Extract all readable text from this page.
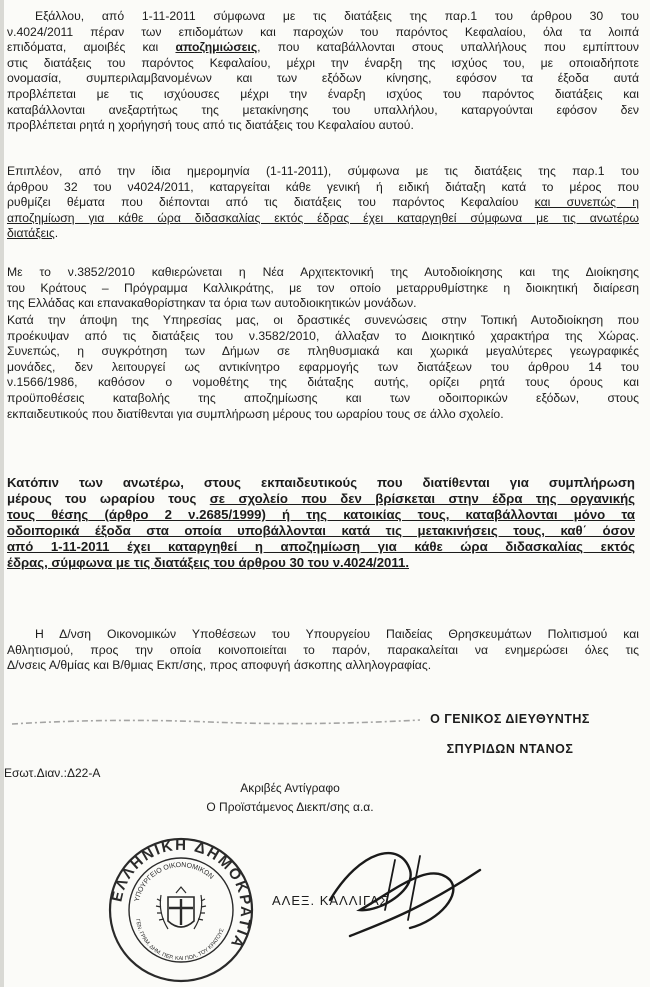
Εξάλλου, από 1-11-2011 σύμφωνα με τις διατάξεις της παρ.1 του άρθρου 30 του
ν.4024/2011 πέραν των επιδομάτων και παροχών του παρόντος Κεφαλαίου, όλα τα λοιπά
επιδόματα, αμοιβές και αποζημιώσεις, που καταβάλλονται στους υπαλλήλους που εμπίπτουν
στις διατάξεις του παρόντος Κεφαλαίου, μέχρι την έναρξη της ισχύος του, με οποιαδήποτε
ονομασία, συμπεριλαμβανομένων και των εξόδων κίνησης, εφόσον τα έξοδα αυτά
προβλέπεται με τις ισχύουσες μέχρι την έναρξη ισχύος του παρόντος διατάξεις και
καταβάλλονται ανεξαρτήτως της μετακίνησης του υπαλλήλου, καταργούνται εφόσον δεν
προβλέπεται ρητά η χορήγησή τους από τις διατάξεις του Κεφαλαίου αυτού.
Επιπλέον, από την ίδια ημερομηνία (1-11-2011), σύμφωνα με τις διατάξεις της παρ.1 του
άρθρου 32 του ν4024/2011, καταργείται κάθε γενική ή ειδική διάταξη κατά το μέρος που
ρυθμίζει θέματα που διέπονται από τις διατάξεις του παρόντος Κεφαλαίου και συνεπώς η
αποζημίωση για κάθε ώρα διδασκαλίας εκτός έδρας έχει καταργηθεί σύμφωνα με τις ανωτέρω
διατάξεις.
Με το ν.3852/2010 καθιερώνεται η Νέα Αρχιτεκτονική της Αυτοδιοίκησης και της Διοίκησης
του Κράτους – Πρόγραμμα Καλλικράτης, με τον οποίο μεταρρυθμίστηκε η διοικητική διαίρεση
της Ελλάδας και επανακαθορίστηκαν τα όρια των αυτοδιοικητικών μονάδων.
Κατά την άποψη της Υπηρεσίας μας, οι δραστικές συνενώσεις στην Τοπική Αυτοδιοίκηση που
προέκυψαν από τις διατάξεις του ν.3582/2010, άλλαξαν το Διοικητικό χαρακτήρα της Χώρας.
Συνεπώς, η συγκρότηση των Δήμων σε πληθυσμιακά και χωρικά μεγαλύτερες γεωγραφικές
μονάδες, δεν λειτουργεί ως αντικίνητρο εφαρμογής των διατάξεων του άρθρου 14 του
ν.1566/1986, καθόσον ο νομοθέτης της διάταξης αυτής, ορίζει ρητά τους όρους και
προϋποθέσεις καταβολής της αποζημίωσης και των οδοιπορικών εξόδων, στους
εκπαιδευτικούς που διατίθενται για συμπλήρωση μέρους του ωραρίου τους σε άλλο σχολείο.
Κατόπιν των ανωτέρω, στους εκπαιδευτικούς που διατίθενται για συμπλήρωση
μέρους του ωραρίου τους σε σχολείο που δεν βρίσκεται στην έδρα της οργανικής
τους θέσης (άρθρο 2 ν.2685/1999) ή της κατοικίας τους, καταβάλλονται μόνο τα
οδοιπορικά έξοδα στα οποία υποβάλλονται κατά τις μετακινήσεις τους, καθ΄ όσον
από 1-11-2011 έχει καταργηθεί η αποζημίωση για κάθε ώρα διδασκαλίας εκτός
έδρας, σύμφωνα με τις διατάξεις του άρθρου 30 του ν.4024/2011.
Η Δ/νση Οικονομικών Υποθέσεων του Υπουργείου Παιδείας Θρησκευμάτων Πολιτισμού και
Αθλητισμού, προς την οποία κοινοποιείται το παρόν, παρακαλείται να ενημερώσει όλες τις
Δ/νσεις Α/θμίας και Β/θμιας Εκπ/σης, προς αποφυγή άσκοπης αλληλογραφίας.
Ο ΓΕΝΙΚΟΣ ΔΙΕΥΘΥΝΤΗΣ
ΣΠΥΡΙΔΩΝ ΝΤΑΝΟΣ
Εσωτ.Διαν.:Δ22-Α
Ακριβές Αντίγραφο
Ο Προϊστάμενος Διεκπ/σης α.α.
ΕΛΛΗΝΙΚΗ ΔΗΜΟΚΡΑΤΙΑ
ΥΠΟΥΡΓΕΙΟ ΟΙΚΟΝΟΜΙΚΩΝ
ΓΕΝ. ΓΡΑΜ. ΔΗΜ. ΠΕΡ. ΚΑΙ ΠΟΛ. ΤΟΥ ΚΡΑΤΟΥΣ
ΑΛΕΞ. ΚΑΛΛΙΓΑΣ
